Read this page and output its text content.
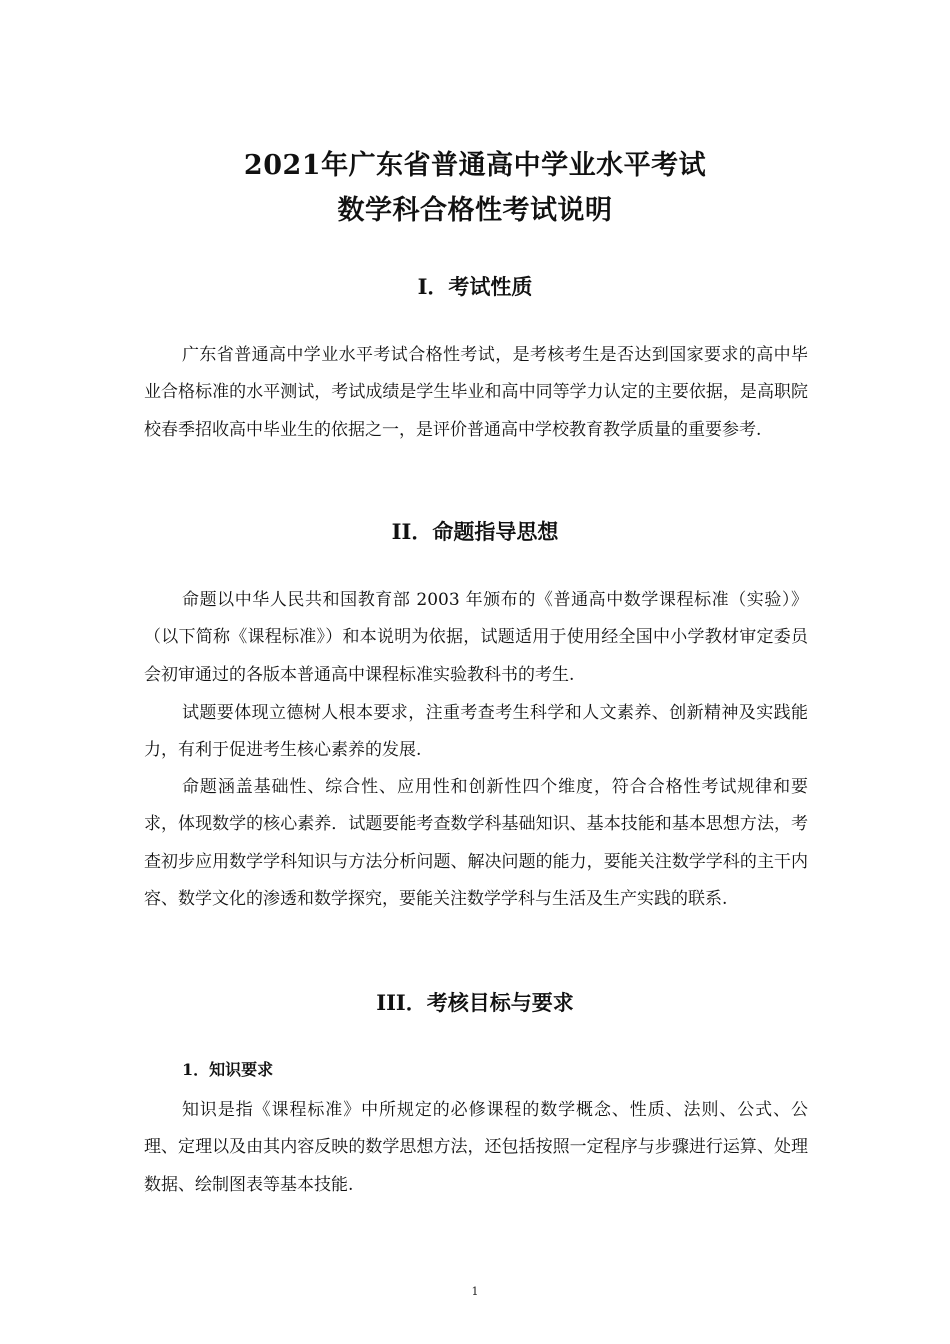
2021年广东省普通高中学业水平考试
数学科合格性考试说明
I．考试性质

广东省普通高中学业水平考试合格性考试，是考核考生是否达到国家要求的高中毕业合格标准的水平测试，考试成绩是学生毕业和高中同等学力认定的主要依据，是高职院校春季招收高中毕业生的依据之一，是评价普通高中学校教育教学质量的重要参考.

II．命题指导思想

命题以中华人民共和国教育部 2003 年颁布的《普通高中数学课程标准（实验）》（以下简称《课程标准》）和本说明为依据，试题适用于使用经全国中小学教材审定委员会初审通过的各版本普通高中课程标准实验教科书的考生.

试题要体现立德树人根本要求，注重考查考生科学和人文素养、创新精神及实践能力，有利于促进考生核心素养的发展.

命题涵盖基础性、综合性、应用性和创新性四个维度，符合合格性考试规律和要求，体现数学的核心素养．试题要能考查数学科基础知识、基本技能和基本思想方法，考查初步应用数学学科知识与方法分析问题、解决问题的能力，要能关注数学学科的主干内容、数学文化的渗透和数学探究，要能关注数学学科与生活及生产实践的联系.

III．考核目标与要求
1．知识要求

知识是指《课程标准》中所规定的必修课程的数学概念、性质、法则、公式、公理、定理以及由其内容反映的数学思想方法，还包括按照一定程序与步骤进行运算、处理数据、绘制图表等基本技能.

1
